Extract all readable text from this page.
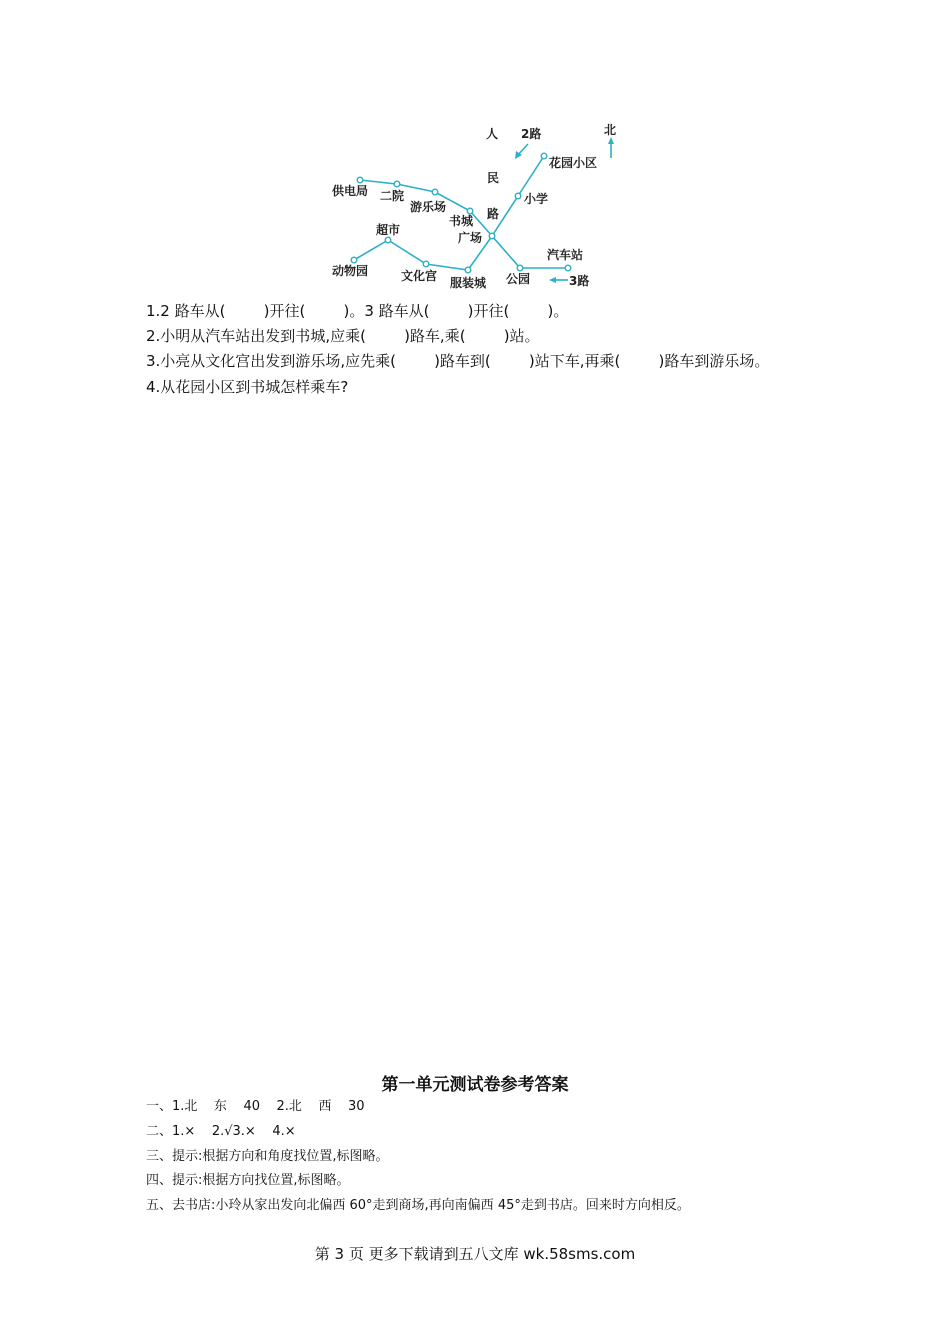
供电局 二院
游乐场
书城
广场
小学
花园小区
超市
动物园	文化宫 服装城 公园
汽车站
人
民
路
2路
3路
北
1.2 路车从(        )开往(        )。3 路车从(        )开往(        )。
2.小明从汽车站出发到书城,应乘(        )路车,乘(        )站。
3.小亮从文化宫出发到游乐场,应先乘(        )路车到(        )站下车,再乘(        )路车到游乐场。
4.从花园小区到书城怎样乘车?
第一单元测试卷参考答案
一、1.北    东    40    2.北    西    30
二、1.×    2.√3.×    4.×
三、提示:根据方向和角度找位置,标图略。
四、提示:根据方向找位置,标图略。
五、去书店:小玲从家出发向北偏西 60°走到商场,再向南偏西 45°走到书店。回来时方向相反。
第 3 页 更多下载请到五八文库 wk.58sms.com
